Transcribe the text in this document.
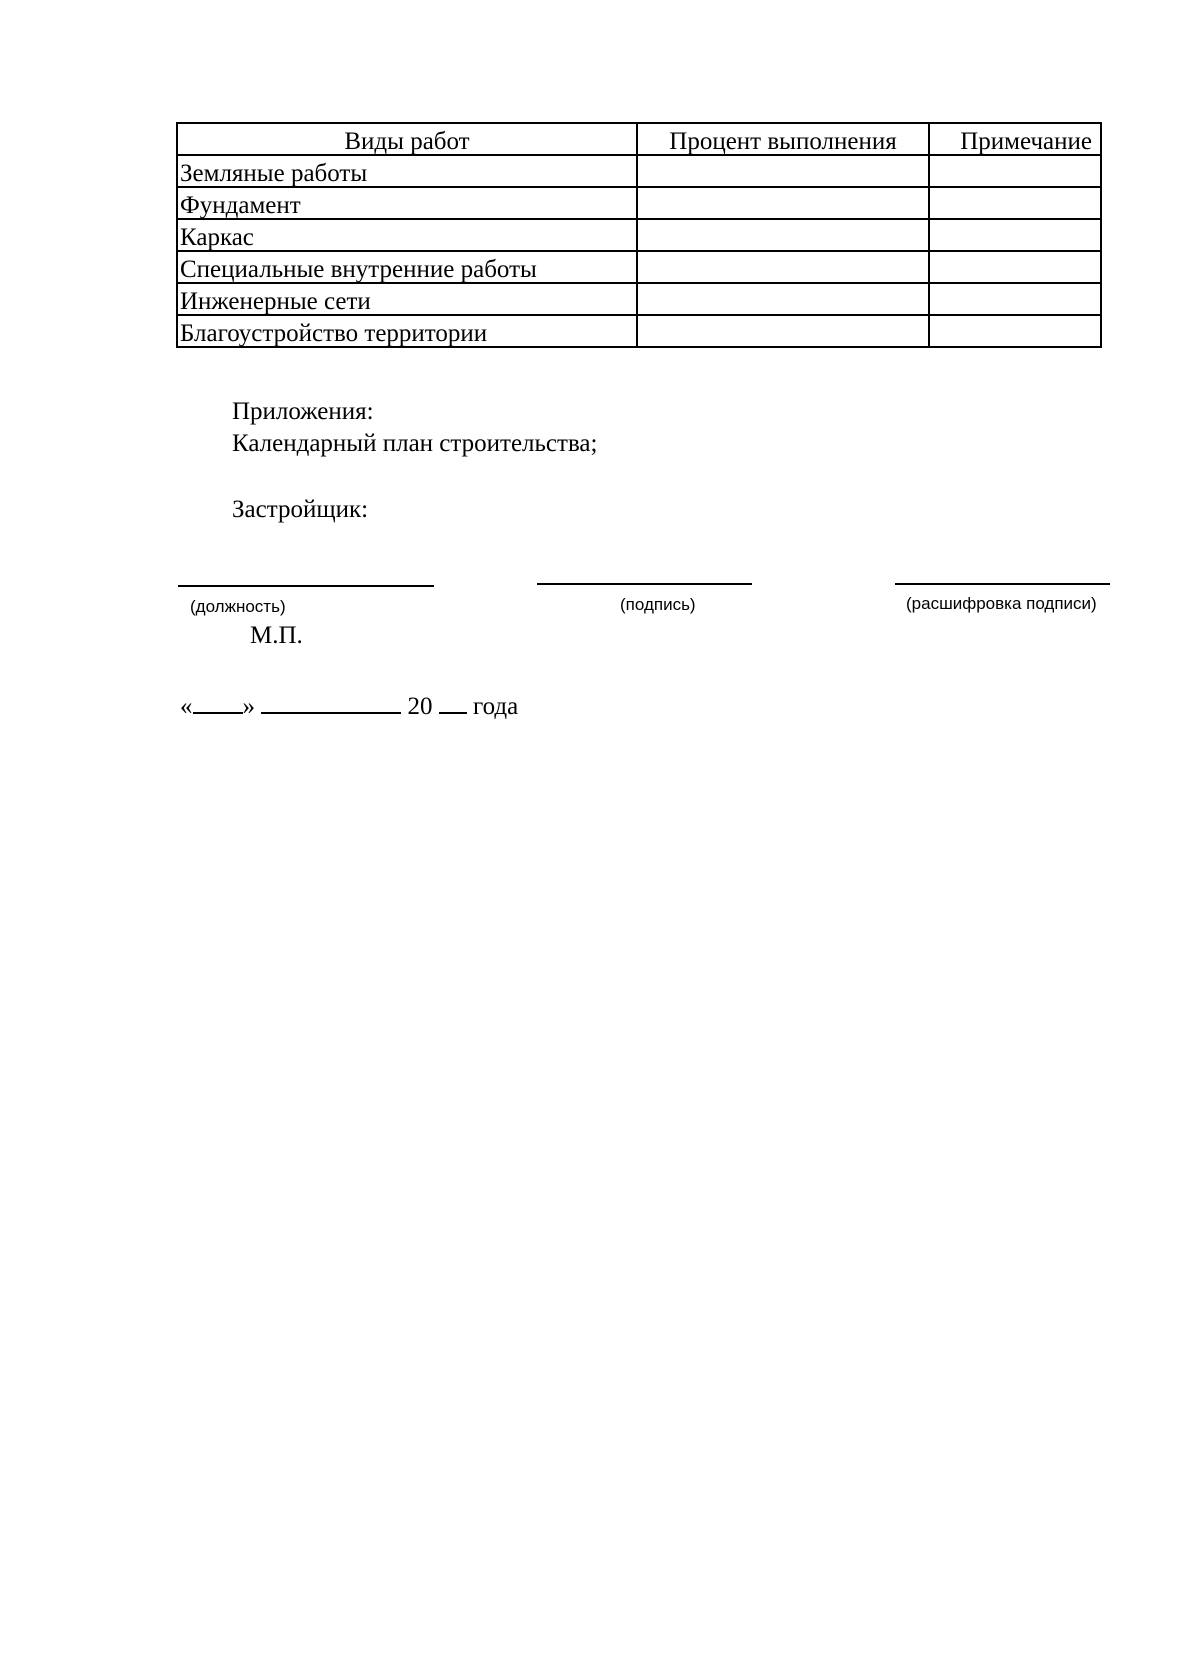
Виды работ	Процент выполнения	Примечание
Земляные работы		
Фундамент		
Каркас		
Специальные внутренние работы		
Инженерные сети		
Благоустройство территории		
Приложения:
Календарный план строительства;
Застройщик:
(должность)	(подпись)	(расшифровка подписи)
М.П.
« »	20 года
